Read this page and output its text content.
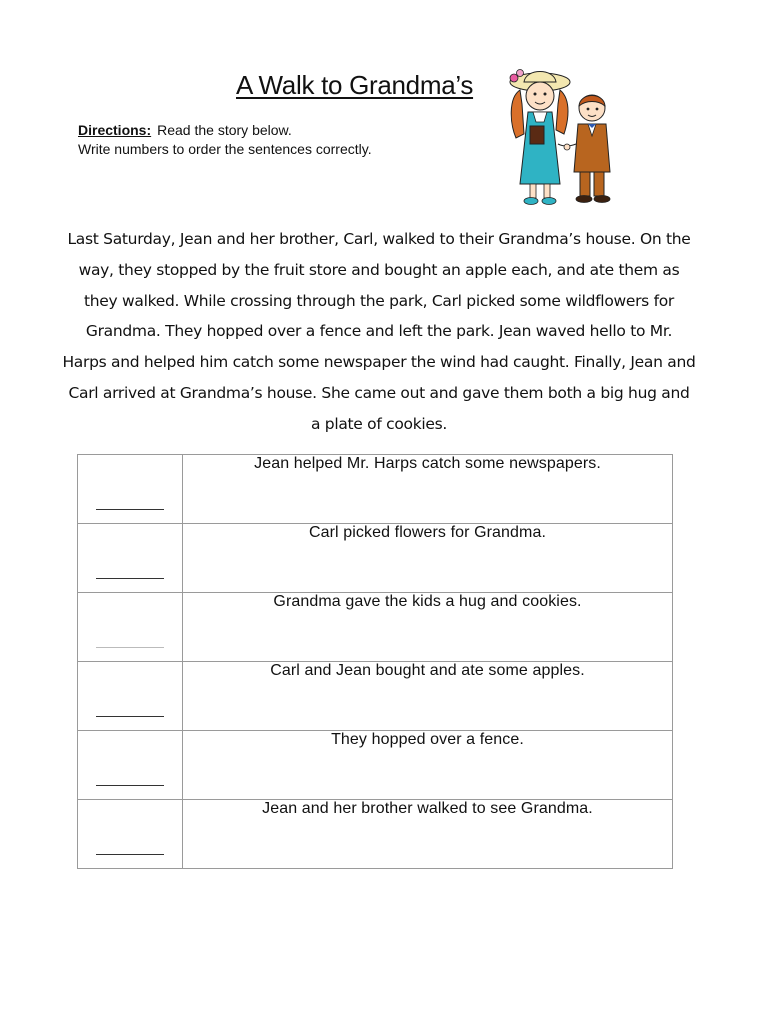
A Walk to Grandma’s
Directions: Read the story below.
Write numbers to order the sentences correctly.

Last Saturday, Jean and her brother, Carl, walked to their Grandma’s house. On the way, they stopped by the fruit store and bought an apple each, and ate them as they walked. While crossing through the park, Carl picked some wildflowers for Grandma. They hopped over a fence and left the park. Jean waved hello to Mr. Harps and helped him catch some newspaper the wind had caught. Finally, Jean and Carl arrived at Grandma’s house. She came out and gave them both a big hug and a plate of cookies.

	Jean helped Mr. Harps catch some newspapers.

	Carl picked flowers for Grandma.

	Grandma gave the kids a hug and cookies.

	Carl and Jean bought and ate some apples.

	They hopped over a fence.

	Jean and her brother walked to see Grandma.
